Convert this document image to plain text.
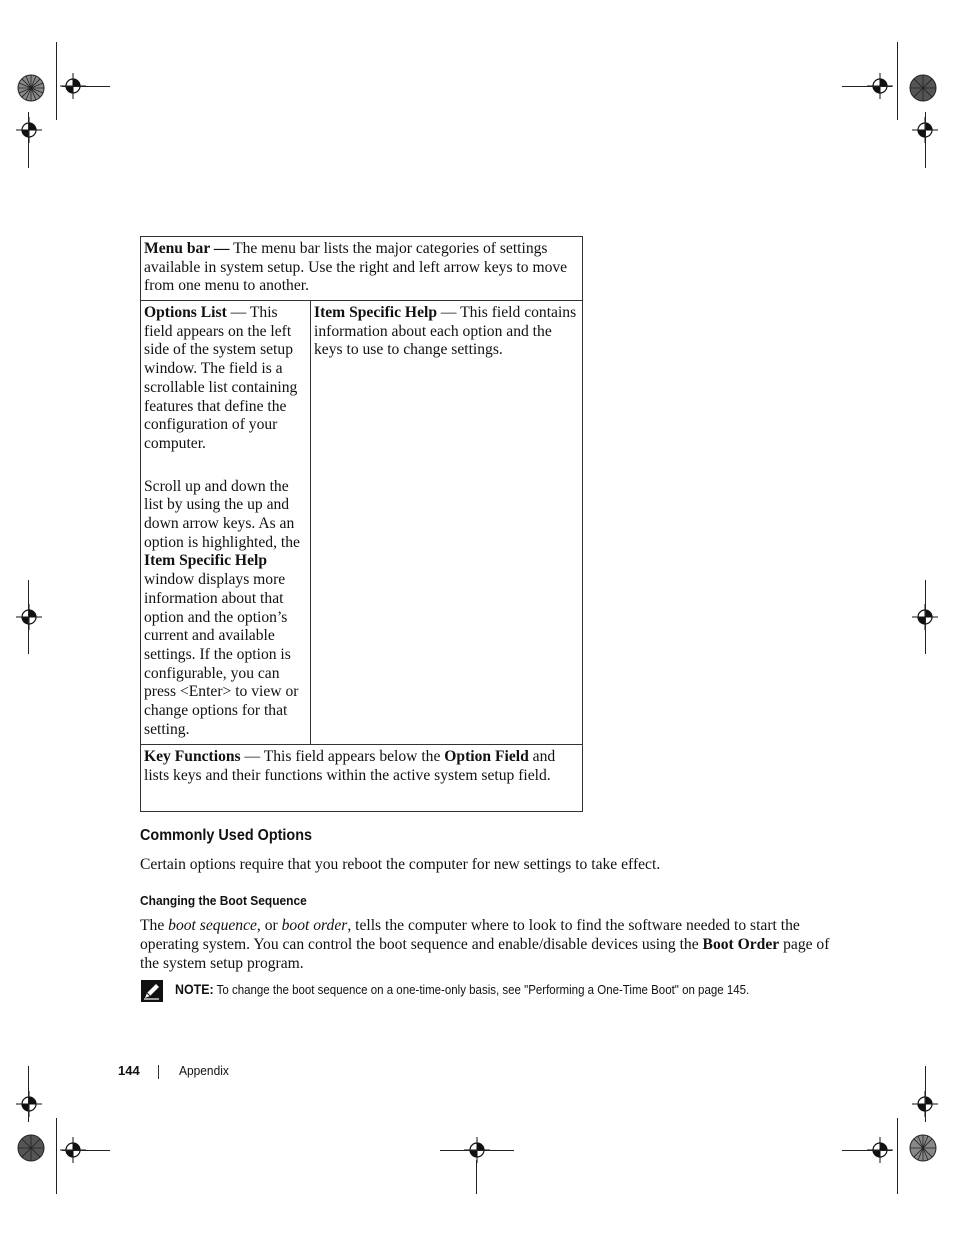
Menu bar — The menu bar lists the major categories of settings available in system setup. Use the right and left arrow keys to move from one menu to another.
Options List — This field appears on the left side of the system setup window. The field is a scrollable list containing features that define the configuration of your computer.
Scroll up and down the list by using the up and down arrow keys. As an option is highlighted, the Item Specific Help window displays more information about that option and the option’s current and available settings. If the option is configurable, you can press <Enter> to view or change options for that setting.
Item Specific Help — This field contains information about each option and the keys to use to change settings.
Key Functions — This field appears below the Option Field and lists keys and their functions within the active system setup field.
Commonly Used Options
Certain options require that you reboot the computer for new settings to take effect.
Changing the Boot Sequence
The boot sequence, or boot order, tells the computer where to look to find the software needed to start the operating system. You can control the boot sequence and enable/disable devices using the Boot Order page of the system setup program.
NOTE: To change the boot sequence on a one-time-only basis, see "Performing a One-Time Boot" on page 145.
144	Appendix
